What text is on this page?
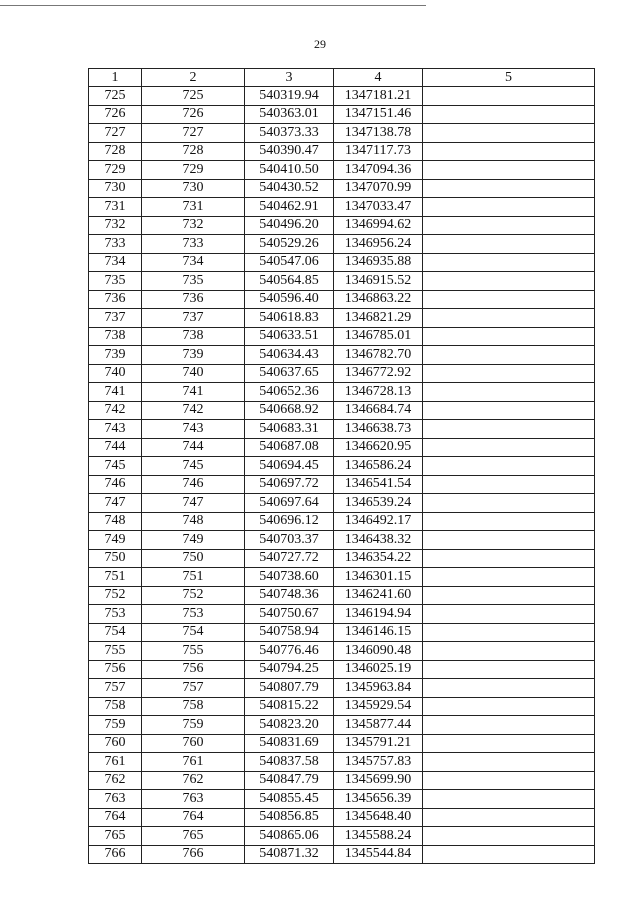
29
1	2	3	4	5
725	725	540319.94	1347181.21	
726	726	540363.01	1347151.46	
727	727	540373.33	1347138.78	
728	728	540390.47	1347117.73	
729	729	540410.50	1347094.36	
730	730	540430.52	1347070.99	
731	731	540462.91	1347033.47	
732	732	540496.20	1346994.62	
733	733	540529.26	1346956.24	
734	734	540547.06	1346935.88	
735	735	540564.85	1346915.52	
736	736	540596.40	1346863.22	
737	737	540618.83	1346821.29	
738	738	540633.51	1346785.01	
739	739	540634.43	1346782.70	
740	740	540637.65	1346772.92	
741	741	540652.36	1346728.13	
742	742	540668.92	1346684.74	
743	743	540683.31	1346638.73	
744	744	540687.08	1346620.95	
745	745	540694.45	1346586.24	
746	746	540697.72	1346541.54	
747	747	540697.64	1346539.24	
748	748	540696.12	1346492.17	
749	749	540703.37	1346438.32	
750	750	540727.72	1346354.22	
751	751	540738.60	1346301.15	
752	752	540748.36	1346241.60	
753	753	540750.67	1346194.94	
754	754	540758.94	1346146.15	
755	755	540776.46	1346090.48	
756	756	540794.25	1346025.19	
757	757	540807.79	1345963.84	
758	758	540815.22	1345929.54	
759	759	540823.20	1345877.44	
760	760	540831.69	1345791.21	
761	761	540837.58	1345757.83	
762	762	540847.79	1345699.90	
763	763	540855.45	1345656.39	
764	764	540856.85	1345648.40	
765	765	540865.06	1345588.24	
766	766	540871.32	1345544.84	
